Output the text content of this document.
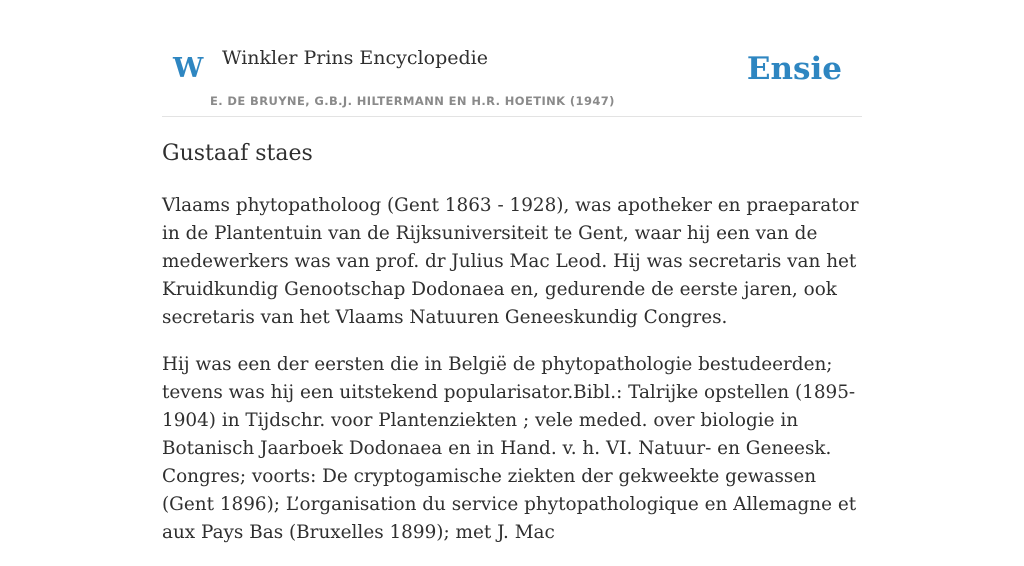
W Winkler Prins Encyclopedie
E. DE BRUYNE, G.B.J. HILTERMANN EN H.R. HOETINK (1947)
Ensie
Gustaaf staes

Vlaams phytopatholoog (Gent 1863 - 1928), was apotheker en praeparator in de Plantentuin van de Rijksuniversiteit te Gent, waar hij een van de medewerkers was van prof. dr Julius Mac Leod. Hij was secretaris van het Kruidkundig Genootschap Dodonaea en, gedurende de eerste jaren, ook secretaris van het Vlaams Natuuren Geneeskundig Congres.

Hij was een der eersten die in België de phytopathologie bestudeerden; tevens was hij een uitstekend popularisator.Bibl.: Talrijke opstellen (1895-1904) in Tijdschr. voor Plantenziekten ; vele meded. over biologie in Botanisch Jaarboek Dodonaea en in Hand. v. h. VI. Natuur- en Geneesk. Congres; voorts: De cryptogamische ziekten der gekweekte gewassen (Gent 1896); L’organisation du service phytopathologique en Allemagne et aux Pays Bas (Bruxelles 1899); met J. Mac
